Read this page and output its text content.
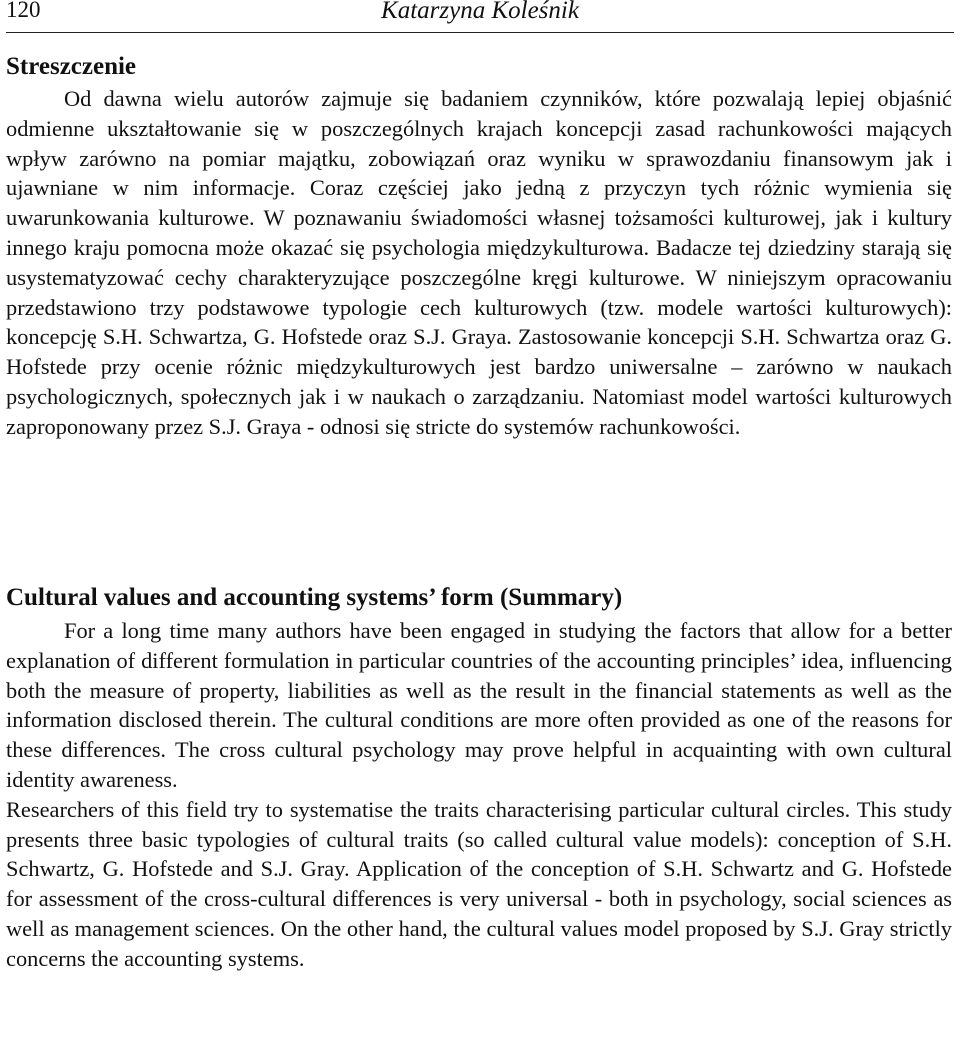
120	Katarzyna Koleśnik
Streszczenie

Od dawna wielu autorów zajmuje się badaniem czynników, które pozwalają lepiej objaśnić odmienne ukształtowanie się w poszczególnych krajach koncepcji zasad rachunkowości mających wpływ zarówno na pomiar majątku, zobowiązań oraz wyniku w sprawozdaniu finansowym jak i ujawniane w nim informacje. Coraz częściej jako jedną z przyczyn tych różnic wymienia się uwarunkowania kulturowe. W poznawaniu świadomości własnej tożsamości kulturowej, jak i kultury innego kraju pomocna może okazać się psychologia międzykulturowa. Badacze tej dziedziny starają się usystematyzować cechy charakteryzujące poszczególne kręgi kulturowe. W niniejszym opracowaniu przedstawiono trzy podstawowe typologie cech kulturowych (tzw. modele wartości kulturowych): koncepcję S.H. Schwartza, G. Hofstede oraz S.J. Graya. Zastosowanie koncepcji S.H. Schwartza oraz G. Hofstede przy ocenie różnic międzykulturowych jest bardzo uniwersalne – zarówno w naukach psychologicznych, społecznych jak i w naukach o zarządzaniu. Natomiast model wartości kulturowych zaproponowany przez S.J. Graya - odnosi się stricte do systemów rachunkowości.

Cultural values and accounting systems’ form (Summary)

For a long time many authors have been engaged in studying the factors that allow for a better explanation of different formulation in particular countries of the accounting principles’ idea, influencing both the measure of property, liabilities as well as the result in the financial statements as well as the information disclosed therein. The cultural conditions are more often provided as one of the reasons for these differences. The cross cultural psychology may prove helpful in acquainting with own cultural identity awareness.

Researchers of this field try to systematise the traits characterising particular cultural circles. This study presents three basic typologies of cultural traits (so called cultural value models): conception of S.H. Schwartz, G. Hofstede and S.J. Gray. Application of the conception of S.H. Schwartz and G. Hofstede for assessment of the cross-cultural differences is very universal - both in psychology, social sciences as well as management sciences. On the other hand, the cultural values model proposed by S.J. Gray strictly concerns the accounting systems.
